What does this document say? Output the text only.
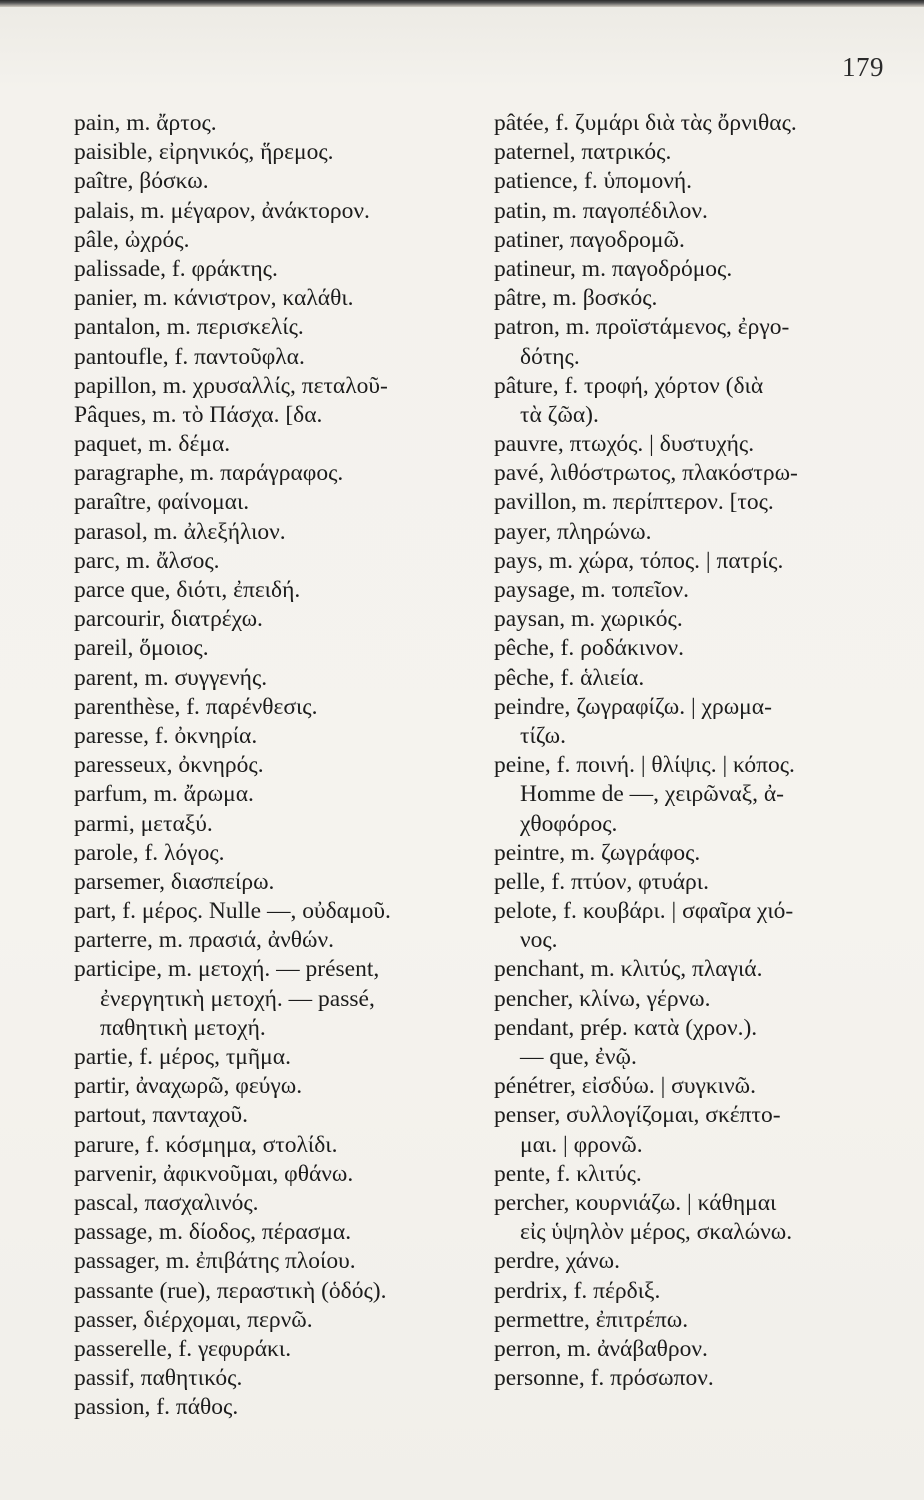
179
pain, m. ἄρτος.
paisible, εἰρηνικός, ἥρεμος.
paître, βόσκω.
palais, m. μέγαρον, ἀνάκτορον.
pâle, ὠχρός.
palissade, f. φράκτης.
panier, m. κάνιστρον, καλάθι.
pantalon, m. περισκελίς.
pantoufle, f. παντοῦφλα.
papillon, m. χρυσαλλίς, πεταλοῦ-
Pâques, m. τὸ Πάσχα. [δα.
paquet, m. δέμα.
paragraphe, m. παράγραφος.
paraître, φαίνομαι.
parasol, m. ἀλεξήλιον.
parc, m. ἄλσος.
parce que, διότι, ἐπειδή.
parcourir, διατρέχω.
pareil, ὅμοιος.
parent, m. συγγενής.
parenthèse, f. παρένθεσις.
paresse, f. ὀκνηρία.
paresseux, ὀκνηρός.
parfum, m. ἄρωμα.
parmi, μεταξύ.
parole, f. λόγος.
parsemer, διασπείρω.
part, f. μέρος. Nulle —, οὐδαμοῦ.
parterre, m. πρασιά, ἀνθών.
participe, m. μετοχή. — présent,
ἐνεργητικὴ μετοχή. — passé,
παθητικὴ μετοχή.
partie, f. μέρος, τμῆμα.
partir, ἀναχωρῶ, φεύγω.
partout, πανταχοῦ.
parure, f. κόσμημα, στολίδι.
parvenir, ἀφικνοῦμαι, φθάνω.
pascal, πασχαλινός.
passage, m. δίοδος, πέρασμα.
passager, m. ἐπιβάτης πλοίου.
passante (rue), περαστικὴ (ὁδός).
passer, διέρχομαι, περνῶ.
passerelle, f. γεφυράκι.
passif, παθητικός.
passion, f. πάθος.
pâtée, f. ζυμάρι διὰ τὰς ὄρνιθας.
paternel, πατρικός.
patience, f. ὑπομονή.
patin, m. παγοπέδιλον.
patiner, παγοδρομῶ.
patineur, m. παγοδρόμος.
pâtre, m. βοσκός.
patron, m. προϊστάμενος, ἐργο-
δότης.
pâture, f. τροφή, χόρτον (διὰ
τὰ ζῶα).
pauvre, πτωχός. | δυστυχής.
pavé, λιθόστρωτος, πλακόστρω-
pavillon, m. περίπτερον. [τος.
payer, πληρώνω.
pays, m. χώρα, τόπος. | πατρίς.
paysage, m. τοπεῖον.
paysan, m. χωρικός.
pêche, f. ροδάκινον.
pêche, f. ἁλιεία.
peindre, ζωγραφίζω. | χρωμα-
τίζω.
peine, f. ποινή. | θλίψις. | κόπος.
Homme de —, χειρῶναξ, ἀ-
χθοφόρος.
peintre, m. ζωγράφος.
pelle, f. πτύον, φτυάρι.
pelote, f. κουβάρι. | σφαῖρα χιό-
νος.
penchant, m. κλιτύς, πλαγιά.
pencher, κλίνω, γέρνω.
pendant, prép. κατὰ (χρον.).
— que, ἐνῷ.
pénétrer, εἰσδύω. | συγκινῶ.
penser, συλλογίζομαι, σκέπτο-
μαι. | φρονῶ.
pente, f. κλιτύς.
percher, κουρνιάζω. | κάθημαι
εἰς ὑψηλὸν μέρος, σκαλώνω.
perdre, χάνω.
perdrix, f. πέρδιξ.
permettre, ἐπιτρέπω.
perron, m. ἀνάβαθρον.
personne, f. πρόσωπον.
